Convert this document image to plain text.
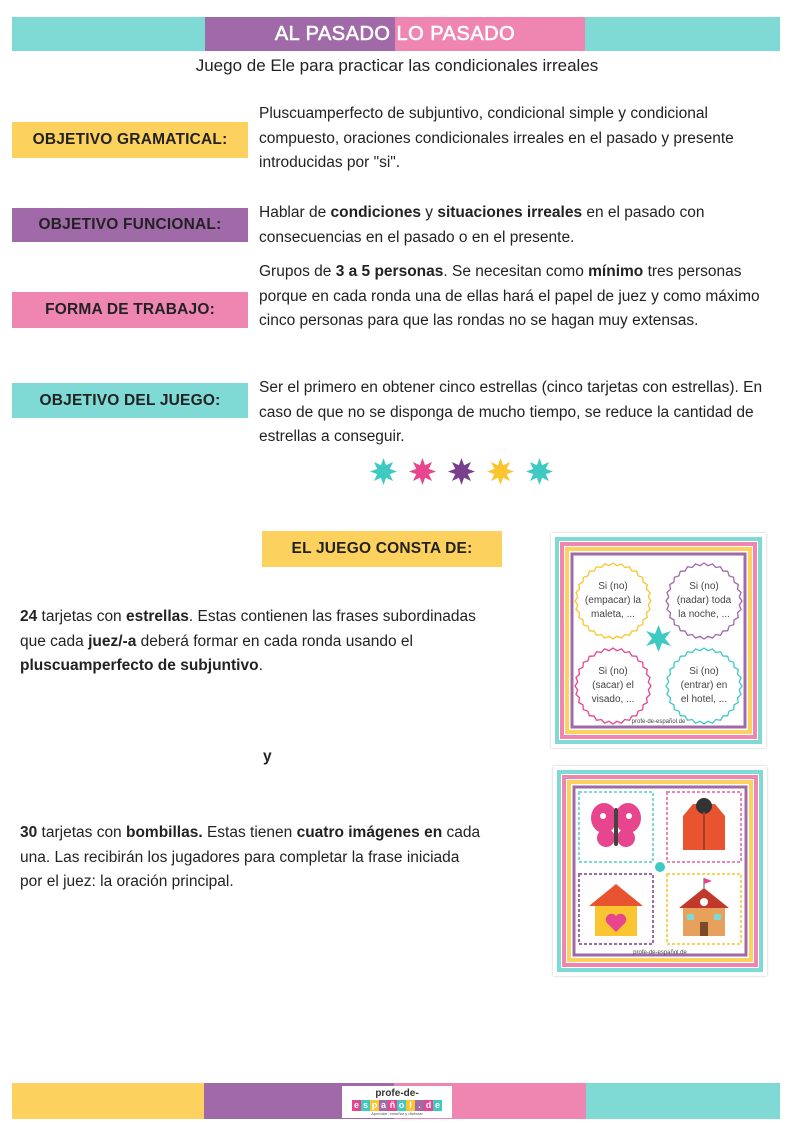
AL PASADO
LO PASADO
Juego de Ele para practicar las condicionales irreales
OBJETIVO GRAMATICAL:
Pluscuamperfecto de subjuntivo, condicional simple y condicional compuesto, oraciones condicionales irreales en el pasado y presente introducidas por "si".
OBJETIVO FUNCIONAL:
Hablar de condiciones y situaciones irreales en el pasado con consecuencias en el pasado o en el presente.
FORMA DE TRABAJO:
Grupos de 3 a 5 personas. Se necesitan como mínimo tres personas porque en cada ronda una de ellas hará el papel de juez y como máximo cinco personas para que las rondas no se hagan muy extensas.
OBJETIVO DEL JUEGO:
Ser el primero en obtener cinco estrellas (cinco tarjetas con estrellas). En caso de que no se disponga de mucho tiempo, se reduce la cantidad de estrellas a conseguir.
EL JUEGO CONSTA DE:
24 tarjetas con estrellas. Estas contienen las frases subordinadas que cada juez/-a deberá formar en cada ronda usando el pluscuamperfecto de subjuntivo.
y
30 tarjetas con bombillas. Estas tienen cuatro imágenes en cada una. Las recibirán los jugadores para completar la frase iniciada por el juez: la oración principal.
Si (no)
(empacar) la
maleta, ...
Si (no)
(nadar) toda
la noche, ...
Si (no)
(sacar) el
visado, ...
Si (no)
(entrar) en
el hotel, ...
profe-de-español.de
profe-de-español.de
profe-de-
e s p a ñ o l . d e
Aprender, enseñar y disfrutar
